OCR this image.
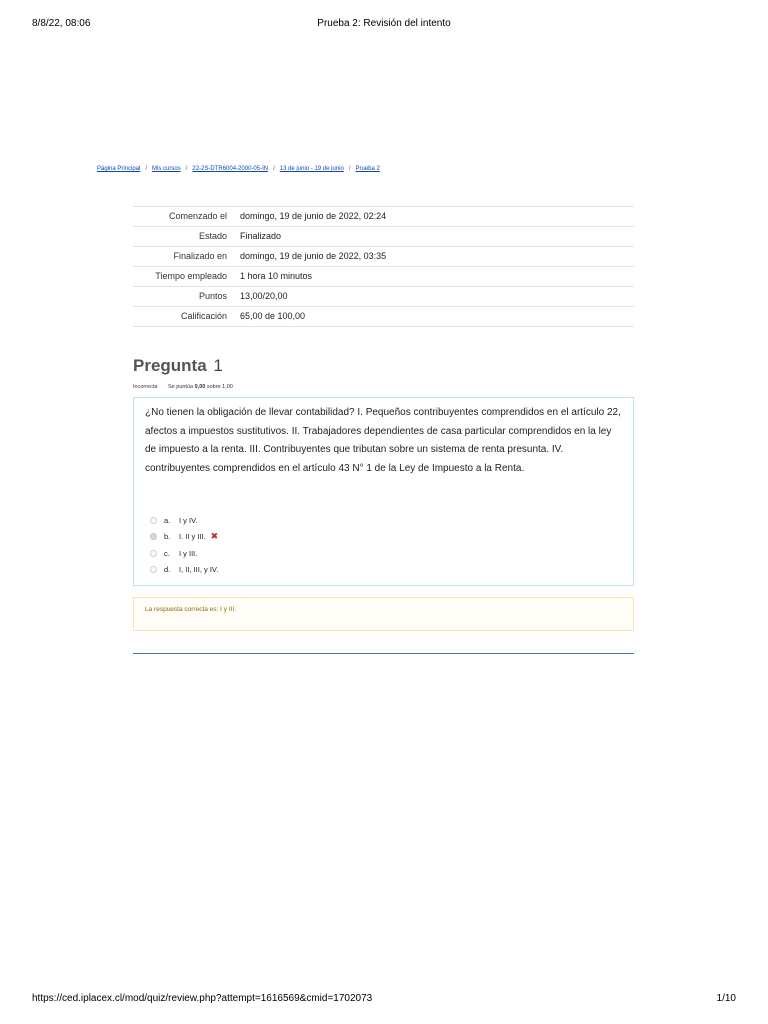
8/8/22, 08:06	Prueba 2: Revisión del intento
Página Principal / Mis cursos / 22-2S-DTR6004-2000-05-IN / 13 de junio - 19 de junio / Prueba 2
Comenzado el	domingo, 19 de junio de 2022, 02:24
Estado	Finalizado
Finalizado en	domingo, 19 de junio de 2022, 03:35
Tiempo empleado	1 hora 10 minutos
Puntos	13,00/20,00
Calificación	65,00 de 100,00
Pregunta 1
Incorrecta Se puntúa 0,00 sobre 1,00
¿No tienen la obligación de llevar contabilidad? I. Pequeños contribuyentes comprendidos en el artículo 22, afectos a impuestos sustitutivos. II. Trabajadores dependientes de casa particular comprendidos en la ley de impuesto a la renta. III. Contribuyentes que tributan sobre un sistema de renta presunta. IV. contribuyentes comprendidos en el artículo 43 N° 1 de la Ley de Impuesto a la Renta.
a.	I y IV.
b.	I. II y III. ✖
c.	I y III.
d.	I, II, III, y IV.
La respuesta correcta es: I y III.
https://ced.iplacex.cl/mod/quiz/review.php?attempt=1616569&cmid=1702073	1/10
